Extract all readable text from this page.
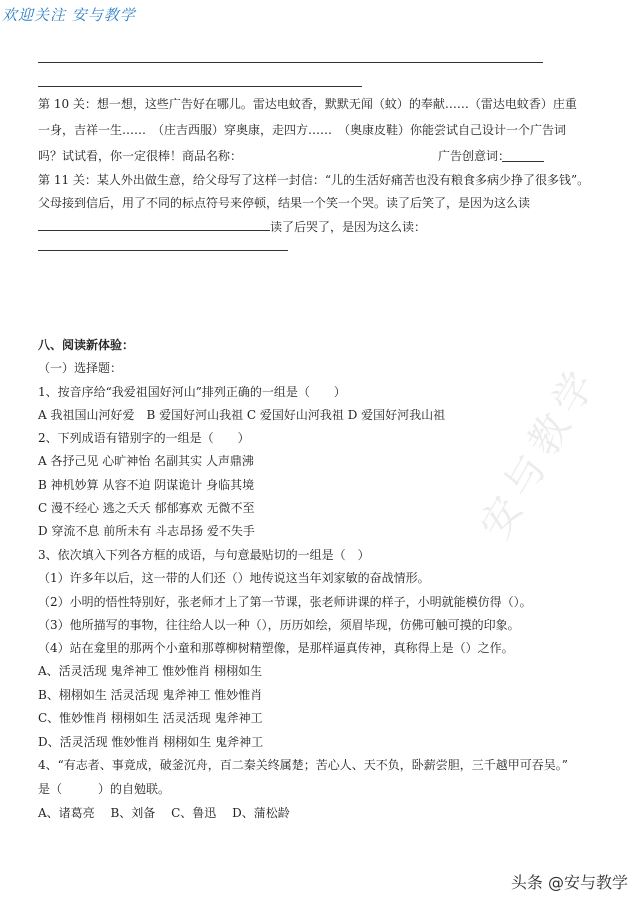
欢迎关注 安与教学
安与教学
第 10 关：想一想，这些广告好在哪儿。雷达电蚊香，默默无闻（蚊）的奉献……（雷达电蚊香）庄重
一身，吉祥一生……　（庄吉西服）穿奥康，走四方……　（奥康皮鞋）你能尝试自己设计一个广告词
吗？试试看，你一定很棒！商品名称：	广告创意词：
第 11 关：某人外出做生意，给父母写了这样一封信：“儿的生活好痛苦也没有粮食多病少挣了很多钱”。
父母接到信后，用了不同的标点符号来停顿，结果一个笑一个哭。读了后笑了，是因为这么读
读了后哭了，是因为这么读：
八、阅读新体验：
（一）选择题：
1、按音序给“我爱祖国好河山”排列正确的一组是（　　）
A 我祖国山河好爱　B 爱国好河山我祖 C 爱国好山河我祖 D 爱国好河我山祖
2、下列成语有错别字的一组是（　　）
A 各抒己见 心旷神怡 名副其实 人声鼎沸
B 神机妙算 从容不迫 阴谋诡计 身临其境
C 漫不经心 逃之夭夭 郁郁寡欢 无微不至
D 穿流不息 前所未有 斗志昂扬 爱不失手
3、依次填入下列各方框的成语，与句意最贴切的一组是（　）
（1）许多年以后，这一带的人们还（）地传说这当年刘家敏的奋战情形。
（2）小明的悟性特别好，张老师才上了第一节课，张老师讲课的样子，小明就能模仿得（）。
（3）他所描写的事物，往往给人以一种（），历历如绘，须眉毕现，仿佛可触可摸的印象。
（4）站在龛里的那两个小童和那尊柳树精塑像，是那样逼真传神，真称得上是（）之作。
A、活灵活现 鬼斧神工 惟妙惟肖 栩栩如生
B、栩栩如生 活灵活现 鬼斧神工 惟妙惟肖
C、惟妙惟肖 栩栩如生 活灵活现 鬼斧神工
D、活灵活现 惟妙惟肖 栩栩如生 鬼斧神工
4、“有志者、事竟成，破釜沉舟，百二秦关终属楚；苦心人、天不负，卧薪尝胆，三千越甲可吞吴。”
是（　　　）的自勉联。
A、诸葛亮　 B、刘备　 C、鲁迅　 D、蒲松龄
头条 @安与教学
